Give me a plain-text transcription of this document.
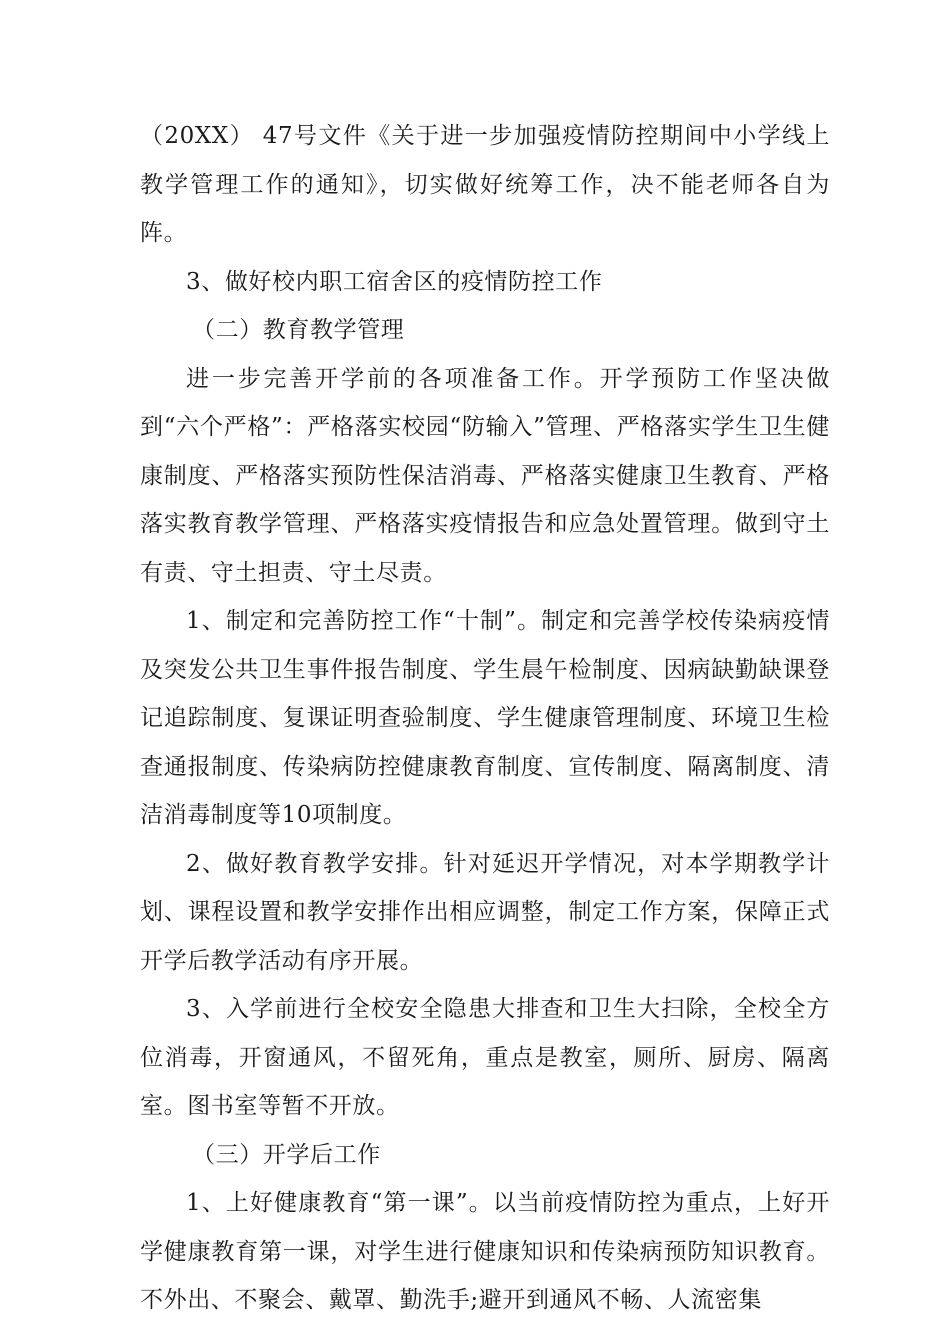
（20XX） 47号文件《关于进一步加强疫情防控期间中小学线上教学管理工作的通知》，切实做好统筹工作，决不能老师各自为阵。

3、做好校内职工宿舍区的疫情防控工作

（二）教育教学管理

进一步完善开学前的各项准备工作。开学预防工作坚决做到“六个严格”：严格落实校园“防输入”管理、严格落实学生卫生健康制度、严格落实预防性保洁消毒、严格落实健康卫生教育、严格落实教育教学管理、严格落实疫情报告和应急处置管理。做到守土有责、守土担责、守土尽责。

1、制定和完善防控工作“十制”。制定和完善学校传染病疫情及突发公共卫生事件报告制度、学生晨午检制度、因病缺勤缺课登记追踪制度、复课证明查验制度、学生健康管理制度、环境卫生检查通报制度、传染病防控健康教育制度、宣传制度、隔离制度、清洁消毒制度等10项制度。

2、做好教育教学安排。针对延迟开学情况，对本学期教学计划、课程设置和教学安排作出相应调整，制定工作方案，保障正式开学后教学活动有序开展。

3、入学前进行全校安全隐患大排查和卫生大扫除，全校全方位消毒，开窗通风，不留死角，重点是教室，厕所、厨房、隔离室。图书室等暂不开放。

（三）开学后工作

1、上好健康教育“第一课”。以当前疫情防控为重点，上好开学健康教育第一课，对学生进行健康知识和传染病预防知识教育。不外出、不聚会、戴罩、勤洗手;避开到通风不畅、人流密集
